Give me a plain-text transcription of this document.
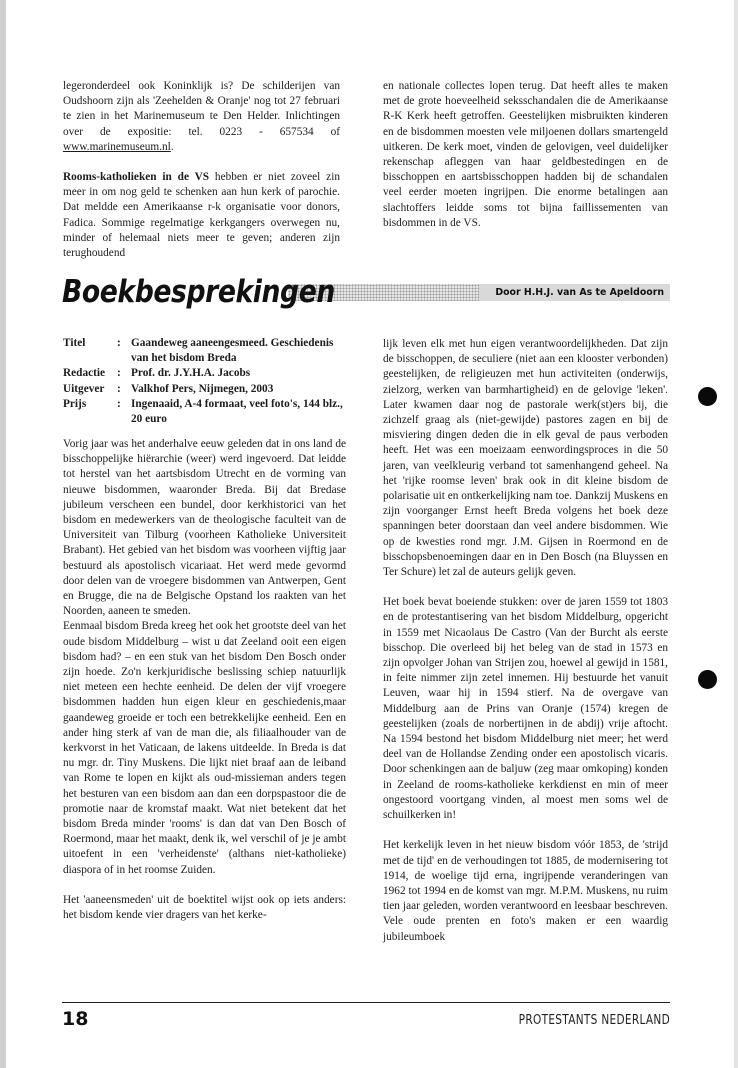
legeronderdeel ook Koninklijk is? De schilderijen van Oudshoorn zijn als 'Zeehelden & Oranje' nog tot 27 februari te zien in het Marinemuseum te Den Helder. Inlichtingen over de expositie: tel. 0223 - 657534 of www.marinemuseum.nl.

Rooms-katholieken in de VS hebben er niet zoveel zin meer in om nog geld te schenken aan hun kerk of parochie. Dat meldde een Amerikaanse r-k organisatie voor donors, Fadica. Sommige regelmatige kerkgangers overwegen nu, minder of helemaal niets meer te geven; anderen zijn terughoudend

en nationale collectes lopen terug. Dat heeft alles te maken met de grote hoeveelheid seksschandalen die de Amerikaanse R-K Kerk heeft getroffen. Geestelijken misbruikten kinderen en de bisdommen moesten vele miljoenen dollars smartengeld uitkeren. De kerk moet, vinden de gelovigen, veel duidelijker rekenschap afleggen van haar geldbestedingen en de bisschoppen en aartsbisschoppen hadden bij de schandalen veel eerder moeten ingrijpen. Die enorme betalingen aan slachtoffers leidde soms tot bijna faillissementen van bisdommen in de VS.

Boekbesprekingen	Door H.H.J. van As te Apeldoorn
Titel	: Gaandeweg aaneengesmeed. Geschiedenis van het bisdom Breda
Redactie	: Prof. dr. J.Y.H.A. Jacobs
Uitgever	: Valkhof Pers, Nijmegen, 2003
Prijs	: Ingenaaid, A-4 formaat, veel foto's, 144 blz., 20 euro

Vorig jaar was het anderhalve eeuw geleden dat in ons land de bisschoppelijke hiërarchie (weer) werd ingevoerd. Dat leidde tot herstel van het aartsbisdom Utrecht en de vorming van nieuwe bisdommen, waaronder Breda. Bij dat Bredase jubileum verscheen een bundel, door kerkhistorici van het bisdom en medewerkers van de theologische faculteit van de Universiteit van Tilburg (voorheen Katholieke Universiteit Brabant). Het gebied van het bisdom was voorheen vijftig jaar bestuurd als apostolisch vicariaat. Het werd mede gevormd door delen van de vroegere bisdommen van Antwerpen, Gent en Brugge, die na de Belgische Opstand los raakten van het Noorden, aaneen te smeden.

Eenmaal bisdom Breda kreeg het ook het grootste deel van het oude bisdom Middelburg – wist u dat Zeeland ooit een eigen bisdom had? – en een stuk van het bisdom Den Bosch onder zijn hoede. Zo'n kerkjuridische beslissing schiep natuurlijk niet meteen een hechte eenheid. De delen der vijf vroegere bisdommen hadden hun eigen kleur en geschiedenis,maar gaandeweg groeide er toch een betrekkelijke eenheid. Een en ander hing sterk af van de man die, als filiaalhouder van de kerkvorst in het Vaticaan, de lakens uitdeelde. In Breda is dat nu mgr. dr. Tiny Muskens. Die lijkt niet braaf aan de leiband van Rome te lopen en kijkt als oud-missieman anders tegen het besturen van een bisdom aan dan een dorpspastoor die de promotie naar de kromstaf maakt. Wat niet betekent dat het bisdom Breda minder 'rooms' is dan dat van Den Bosch of Roermond, maar het maakt, denk ik, wel verschil of je je ambt uitoefent in een 'verheidenste' (althans niet-katholieke) diaspora of in het roomse Zuiden.

Het 'aaneensmeden' uit de boektitel wijst ook op iets anders: het bisdom kende vier dragers van het kerke-

lijk leven elk met hun eigen verantwoordelijkheden. Dat zijn de bisschoppen, de seculiere (niet aan een klooster verbonden) geestelijken, de religieuzen met hun activiteiten (onderwijs, zielzorg, werken van barmhartigheid) en de gelovige 'leken'. Later kwamen daar nog de pastorale werk(st)ers bij, die zichzelf graag als (niet-gewijde) pastores zagen en bij de misviering dingen deden die in elk geval de paus verboden heeft. Het was een moeizaam eenwordingsproces in die 50 jaren, van veelkleurig verband tot samenhangend geheel. Na het 'rijke roomse leven' brak ook in dit kleine bisdom de polarisatie uit en ontkerkelijking nam toe. Dankzij Muskens en zijn voorganger Ernst heeft Breda volgens het boek deze spanningen beter doorstaan dan veel andere bisdommen. Wie op de kwesties rond mgr. J.M. Gijsen in Roermond en de bisschopsbenoemingen daar en in Den Bosch (na Bluyssen en Ter Schure) let zal de auteurs gelijk geven.

Het boek bevat boeiende stukken: over de jaren 1559 tot 1803 en de protestantisering van het bisdom Middelburg, opgericht in 1559 met Nicaolaus De Castro (Van der Burcht als eerste bisschop. Die overleed bij het beleg van de stad in 1573 en zijn opvolger Johan van Strijen zou, hoewel al gewijd in 1581, in feite nimmer zijn zetel innemen. Hij bestuurde het vanuit Leuven, waar hij in 1594 stierf. Na de overgave van Middelburg aan de Prins van Oranje (1574) kregen de geestelijken (zoals de norbertijnen in de abdij) vrije aftocht. Na 1594 bestond het bisdom Middelburg niet meer; het werd deel van de Hollandse Zending onder een apostolisch vicaris. Door schenkingen aan de baljuw (zeg maar omkoping) konden in Zeeland de rooms-katholieke kerkdienst en min of meer ongestoord voortgang vinden, al moest men soms wel de schuilkerken in!

Het kerkelijk leven in het nieuw bisdom vóór 1853, de 'strijd met de tijd' en de verhoudingen tot 1885, de modernisering tot 1914, de woelige tijd erna, ingrijpende veranderingen van 1962 tot 1994 en de komst van mgr. M.P.M. Muskens, nu ruim tien jaar geleden, worden verantwoord en leesbaar beschreven. Vele oude prenten en foto's maken er een waardig jubileumboek

18	PROTESTANTS NEDERLAND
